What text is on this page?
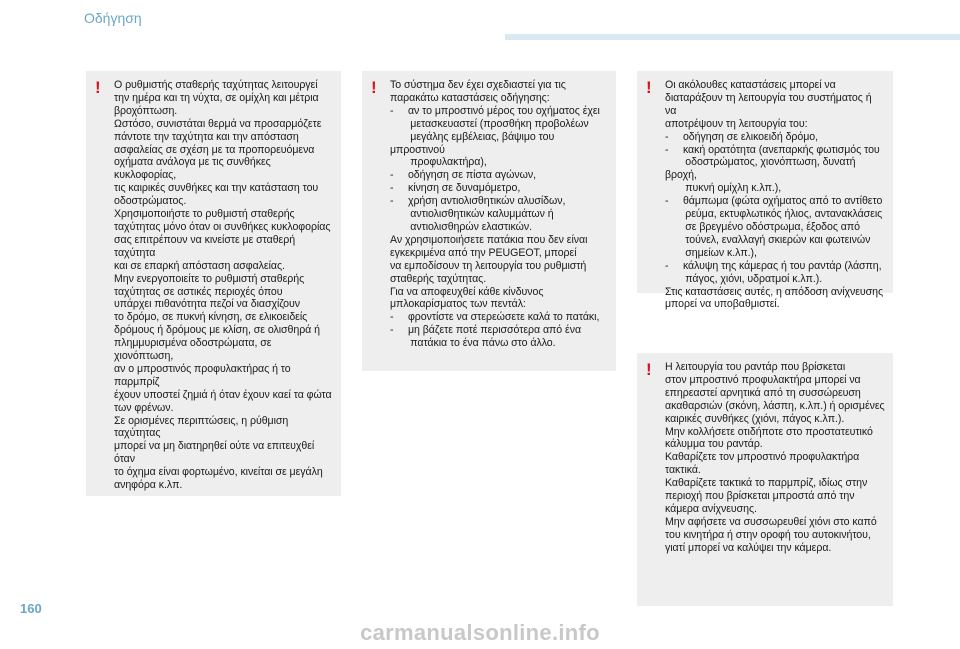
Οδήγηση
! Ο ρυθμιστής σταθερής ταχύτητας λειτουργεί
την ημέρα και τη νύχτα, σε ομίχλη και μέτρια
βροχόπτωση.
Ωστόσο, συνιστάται θερμά να προσαρμόζετε
πάντοτε την ταχύτητα και την απόσταση
ασφαλείας σε σχέση με τα προπορευόμενα
οχήματα ανάλογα με τις συνθήκες κυκλοφορίας,
τις καιρικές συνθήκες και την κατάσταση του
οδοστρώματος.
Χρησιμοποιήστε το ρυθμιστή σταθερής
ταχύτητας μόνο όταν οι συνθήκες κυκλοφορίας
σας επιτρέπουν να κινείστε με σταθερή ταχύτητα
και σε επαρκή απόσταση ασφαλείας.
Μην ενεργοποιείτε το ρυθμιστή σταθερής
ταχύτητας σε αστικές περιοχές όπου
υπάρχει πιθανότητα πεζοί να διασχίζουν
το δρόμο, σε πυκνή κίνηση, σε ελικοειδείς
δρόμους ή δρόμους με κλίση, σε ολισθηρά ή
πλημμυρισμένα οδοστρώματα, σε χιονόπτωση,
αν ο μπροστινός προφυλακτήρας ή το παρμπρίζ
έχουν υποστεί ζημιά ή όταν έχουν καεί τα φώτα
των φρένων.
Σε ορισμένες περιπτώσεις, η ρύθμιση ταχύτητας
μπορεί να μη διατηρηθεί ούτε να επιτευχθεί όταν
το όχημα είναι φορτωμένο, κινείται σε μεγάλη
ανηφόρα κ.λπ.
! Το σύστημα δεν έχει σχεδιαστεί για τις
παρακάτω καταστάσεις οδήγησης:
-     αν το μπροστινό μέρος του οχήματος έχει
μετασκευαστεί (προσθήκη προβολέων
μεγάλης εμβέλειας, βάψιμο του μπροστινού
προφυλακτήρα),
-     οδήγηση σε πίστα αγώνων,
-     κίνηση σε δυναμόμετρο,
-     χρήση αντιολισθητικών αλυσίδων,
αντιολισθητικών καλυμμάτων ή
αντιολισθηρών ελαστικών.
Αν χρησιμοποιήσετε πατάκια που δεν είναι
εγκεκριμένα από την PEUGEOT, μπορεί
να εμποδίσουν τη λειτουργία του ρυθμιστή
σταθερής ταχύτητας.
Για να αποφευχθεί κάθε κίνδυνος
μπλοκαρίσματος των πεντάλ:
-     φροντίστε να στερεώσετε καλά το πατάκι,
-     μη βάζετε ποτέ περισσότερα από ένα
πατάκια το ένα πάνω στο άλλο.
! Οι ακόλουθες καταστάσεις μπορεί να
διαταράξουν τη λειτουργία του συστήματος ή να
αποτρέψουν τη λειτουργία του:
-     οδήγηση σε ελικοειδή δρόμο,
-     κακή ορατότητα (ανεπαρκής φωτισμός του
οδοστρώματος, χιονόπτωση, δυνατή βροχή,
πυκνή ομίχλη κ.λπ.),
-     θάμπωμα (φώτα οχήματος από το αντίθετο
ρεύμα, εκτυφλωτικός ήλιος, αντανακλάσεις
σε βρεγμένο οδόστρωμα, έξοδος από
τούνελ, εναλλαγή σκιερών και φωτεινών
σημείων κ.λπ.),
-     κάλυψη της κάμερας ή του ραντάρ (λάσπη,
πάγος, χιόνι, υδρατμοί κ.λπ.).
Στις καταστάσεις αυτές, η απόδοση ανίχνευσης
μπορεί να υποβαθμιστεί.
! Η λειτουργία του ραντάρ που βρίσκεται
στον μπροστινό προφυλακτήρα μπορεί να
επηρεαστεί αρνητικά από τη συσσώρευση
ακαθαρσιών (σκόνη, λάσπη, κ.λπ.) ή ορισμένες
καιρικές συνθήκες (χιόνι, πάγος κ.λπ.).
Μην κολλήσετε οτιδήποτε στο προστατευτικό
κάλυμμα του ραντάρ.
Καθαρίζετε τον μπροστινό προφυλακτήρα
τακτικά.
Καθαρίζετε τακτικά το παρμπρίζ, ιδίως στην
περιοχή που βρίσκεται μπροστά από την
κάμερα ανίχνευσης.
Μην αφήσετε να συσσωρευθεί χιόνι στο καπό
του κινητήρα ή στην οροφή του αυτοκινήτου,
γιατί μπορεί να καλύψει την κάμερα.
160
carmanualsonline.info
